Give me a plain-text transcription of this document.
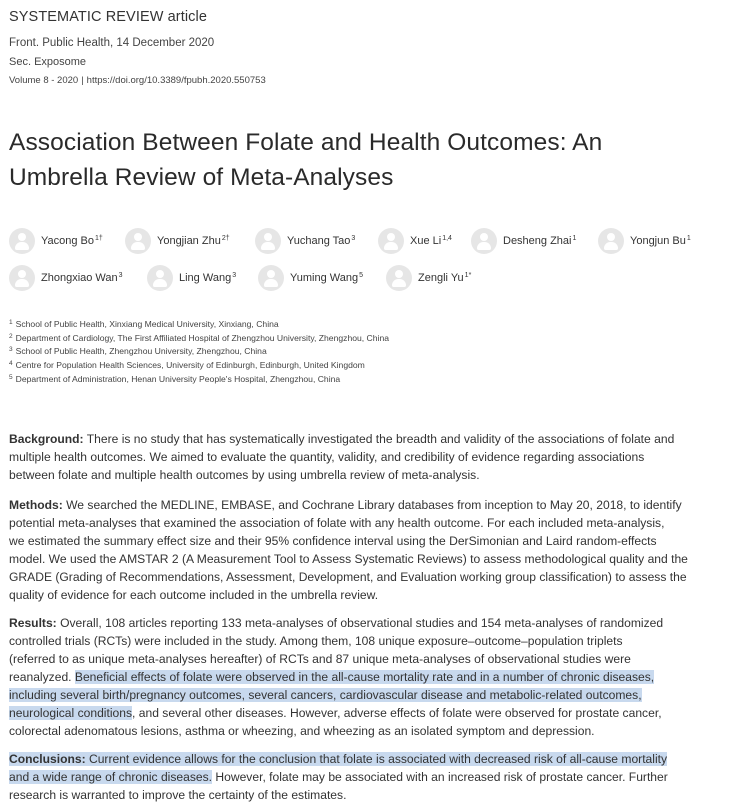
SYSTEMATIC REVIEW article
Front. Public Health, 14 December 2020
Sec. Exposome
Volume 8 - 2020 | https://doi.org/10.3389/fpubh.2020.550753
Association Between Folate and Health Outcomes: An
Umbrella Review of Meta-Analyses
Yacong $Bo^{1\dagger}$	Yongjian Zhu$^{2\dagger}$	Yuchang Tao$^3$	Xue Li$^{1,4}$	Desheng Zhai$^1$	Yongjun Bu$^1$
Zhongxiao Wan$^3$	Ling Wang$^3$	Yuming Wang$^5$	Zengli $Yu^{1*}$
$^1$ School of Public Health, Xinxiang Medical University, Xinxiang, China
$^2$ Department of Cardiology, The First Affiliated Hospital of Zhengzhou University, Zhengzhou, China
$^3$ School of Public Health, Zhengzhou University, Zhengzhou, China
$^4$ Centre for Population Health Sciences, University of Edinburgh, Edinburgh, United Kingdom
$^5$ Department of Administration, Henan University People's Hospital, Zhengzhou, China

Background: There is no study that has systematically investigated the breadth and validity of the associations of folate and

multiple health outcomes. We aimed to evaluate the quantity, validity, and credibility of evidence regarding associations

between folate and multiple health outcomes by using umbrella review of meta-analysis.

Methods: We searched the MEDLINE, EMBASE, and Cochrane Library databases from inception to May 20, 2018, to identify

potential meta-analyses that examined the association of folate with any health outcome. For each included meta-analysis,

we estimated the summary effect size and their 95% confidence interval using the DerSimonian and Laird random-effects

model. We used the AMSTAR 2 (A Measurement Tool to Assess Systematic Reviews) to assess methodological quality and the

GRADE (Grading of Recommendations, Assessment, Development, and Evaluation working group classification) to assess the

quality of evidence for each outcome included in the umbrella review.

Results: Overall, 108 articles reporting 133 meta-analyses of observational studies and 154 meta-analyses of randomized

controlled trials (RCTs) were included in the study. Among them, 108 unique exposure–outcome–population triplets

(referred to as unique meta-analyses hereafter) of RCTs and 87 unique meta-analyses of observational studies were

reanalyzed. Beneficial effects of folate were observed in the all-cause mortality rate and in a number of chronic diseases,

including several birth/pregnancy outcomes, several cancers, cardiovascular disease and metabolic-related outcomes,

neurological conditions, and several other diseases. However, adverse effects of folate were observed for prostate cancer,

colorectal adenomatous lesions, asthma or wheezing, and wheezing as an isolated symptom and depression.

Conclusions: Current evidence allows for the conclusion that folate is associated with decreased risk of all-cause mortality

and a wide range of chronic diseases. However, folate may be associated with an increased risk of prostate cancer. Further

research is warranted to improve the certainty of the estimates.
